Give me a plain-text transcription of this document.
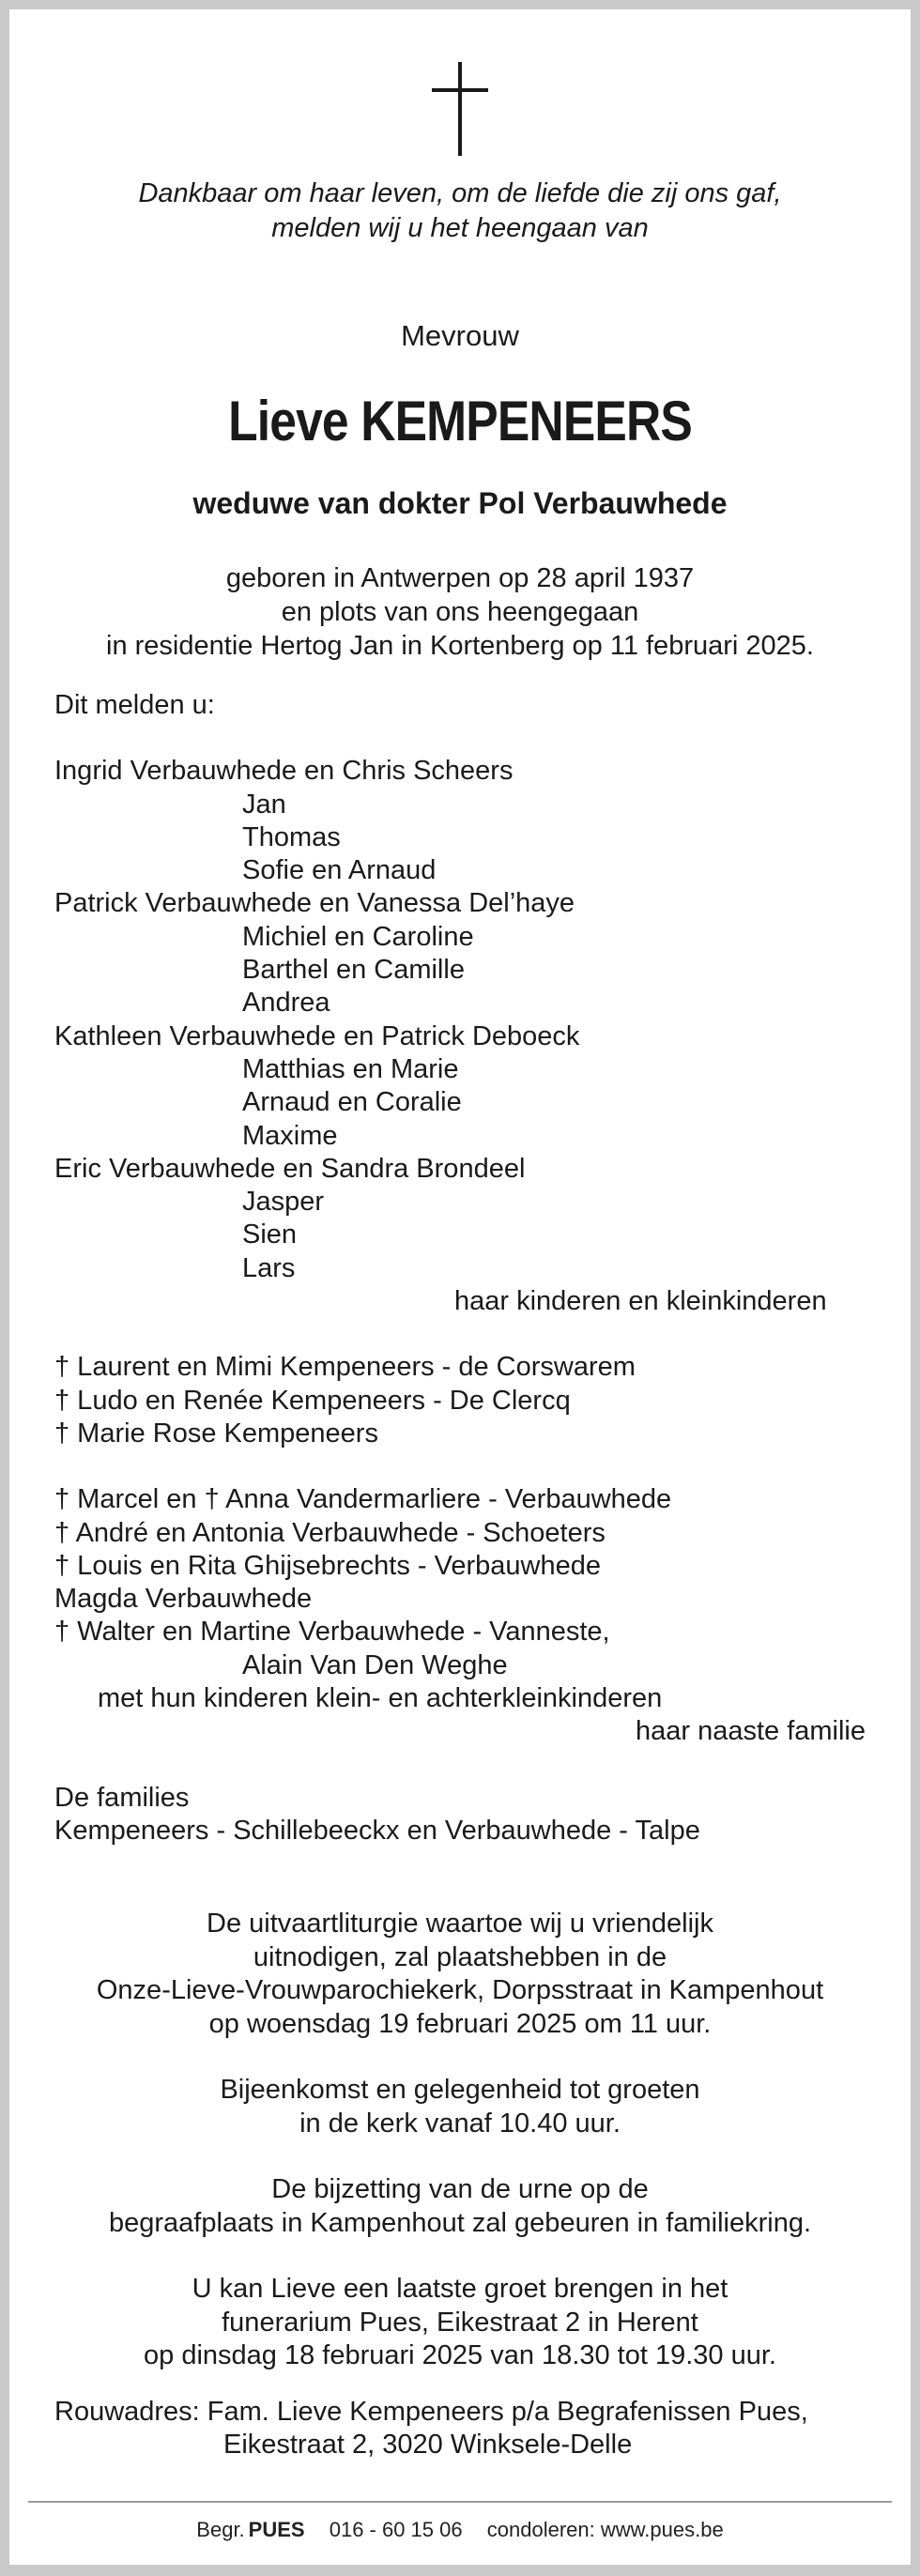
Dankbaar om haar leven, om de liefde die zij ons gaf,
melden wij u het heengaan van
Mevrouw
Lieve KEMPENEERS
weduwe van dokter Pol Verbauwhede
geboren in Antwerpen op 28 april 1937
en plots van ons heengegaan
in residentie Hertog Jan in Kortenberg op 11 februari 2025.
Dit melden u:
Ingrid Verbauwhede en Chris Scheers
Jan
Thomas
Sofie en Arnaud
Patrick Verbauwhede en Vanessa Del’haye
Michiel en Caroline
Barthel en Camille
Andrea
Kathleen Verbauwhede en Patrick Deboeck
Matthias en Marie
Arnaud en Coralie
Maxime
Eric Verbauwhede en Sandra Brondeel
Jasper
Sien
Lars
haar kinderen en kleinkinderen
† Laurent en Mimi Kempeneers - de Corswarem
† Ludo en Renée Kempeneers - De Clercq
† Marie Rose Kempeneers
† Marcel en † Anna Vandermarliere - Verbauwhede
† André en Antonia Verbauwhede - Schoeters
† Louis en Rita Ghijsebrechts - Verbauwhede
Magda Verbauwhede
† Walter en Martine Verbauwhede - Vanneste,
Alain Van Den Weghe
met hun kinderen klein- en achterkleinkinderen
haar naaste familie
De families
Kempeneers - Schillebeeckx en Verbauwhede - Talpe
De uitvaartliturgie waartoe wij u vriendelijk
uitnodigen, zal plaatshebben in de
Onze-Lieve-Vrouwparochiekerk, Dorpsstraat in Kampenhout
op woensdag 19 februari 2025 om 11 uur.
Bijeenkomst en gelegenheid tot groeten
in de kerk vanaf 10.40 uur.
De bijzetting van de urne op de
begraafplaats in Kampenhout zal gebeuren in familiekring.
U kan Lieve een laatste groet brengen in het
funerarium Pues, Eikestraat 2 in Herent
op dinsdag 18 februari 2025 van 18.30 tot 19.30 uur.
Rouwadres: Fam. Lieve Kempeneers p/a Begrafenissen Pues,
Eikestraat 2, 3020 Winksele-Delle
Begr. PUES 016 - 60 15 06 condoleren: www.pues.be
